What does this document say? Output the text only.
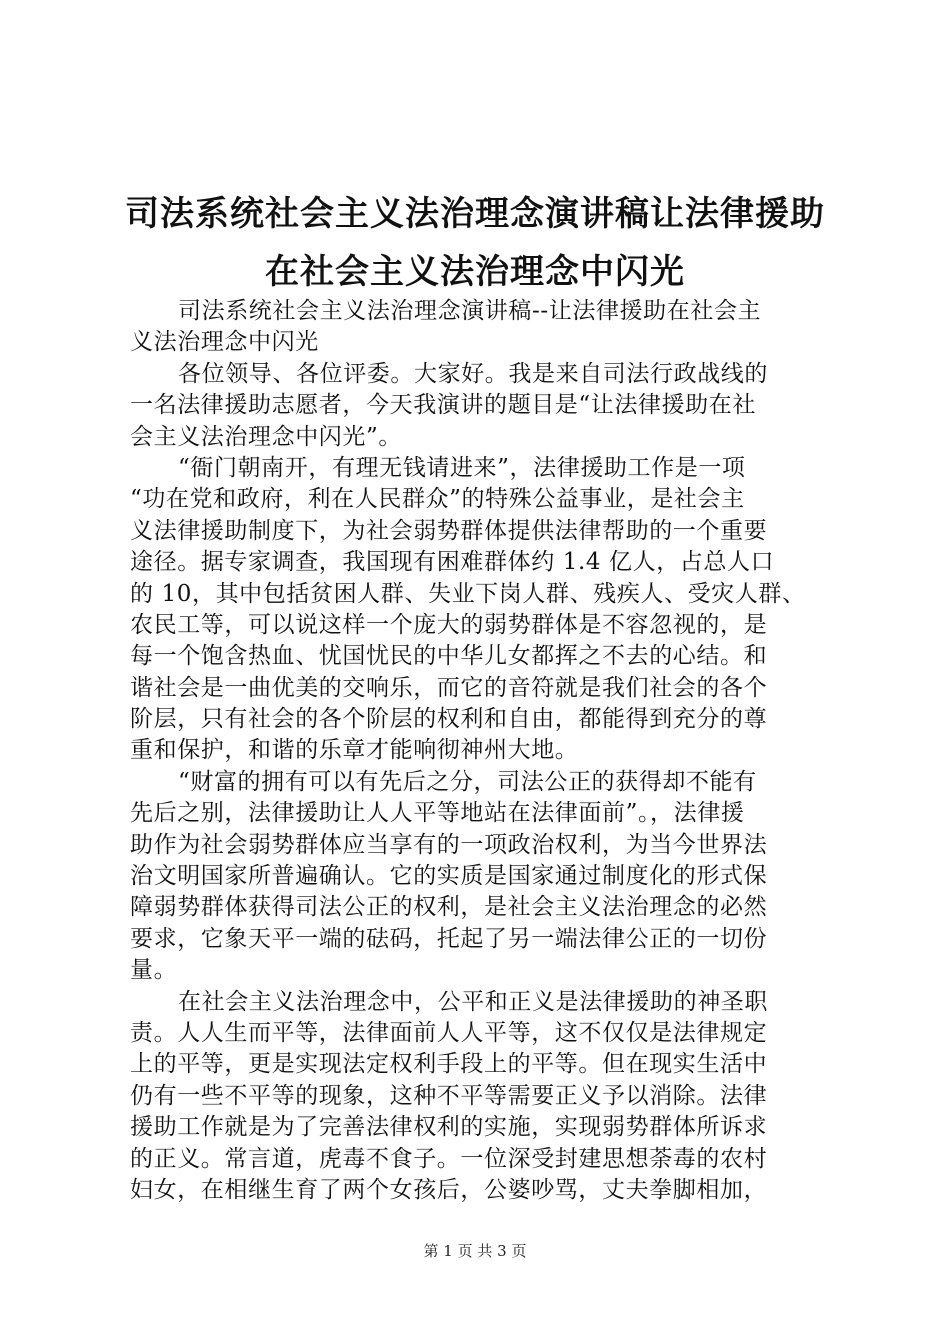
司法系统社会主义法治理念演讲稿让法律援助
在社会主义法治理念中闪光
司法系统社会主义法治理念演讲稿--让法律援助在社会主
义法治理念中闪光
各位领导、各位评委。大家好。我是来自司法行政战线的
一名法律援助志愿者，今天我演讲的题目是“让法律援助在社
会主义法治理念中闪光”。
“衙门朝南开，有理无钱请进来”，法律援助工作是一项
“功在党和政府，利在人民群众”的特殊公益事业，是社会主
义法律援助制度下，为社会弱势群体提供法律帮助的一个重要
途径。据专家调查，我国现有困难群体约 1.4 亿人，占总人口
的 10，其中包括贫困人群、失业下岗人群、残疾人、受灾人群、
农民工等，可以说这样一个庞大的弱势群体是不容忽视的，是
每一个饱含热血、忧国忧民的中华儿女都挥之不去的心结。和
谐社会是一曲优美的交响乐，而它的音符就是我们社会的各个
阶层，只有社会的各个阶层的权利和自由，都能得到充分的尊
重和保护，和谐的乐章才能响彻神州大地。
“财富的拥有可以有先后之分，司法公正的获得却不能有
先后之别，法律援助让人人平等地站在法律面前”。，法律援
助作为社会弱势群体应当享有的一项政治权利，为当今世界法
治文明国家所普遍确认。它的实质是国家通过制度化的形式保
障弱势群体获得司法公正的权利，是社会主义法治理念的必然
要求，它象天平一端的砝码，托起了另一端法律公正的一切份
量。
在社会主义法治理念中，公平和正义是法律援助的神圣职
责。人人生而平等，法律面前人人平等，这不仅仅是法律规定
上的平等，更是实现法定权利手段上的平等。但在现实生活中
仍有一些不平等的现象，这种不平等需要正义予以消除。法律
援助工作就是为了完善法律权利的实施，实现弱势群体所诉求
的正义。常言道，虎毒不食子。一位深受封建思想荼毒的农村
妇女，在相继生育了两个女孩后，公婆吵骂，丈夫拳脚相加，
第 1 页 共 3 页
